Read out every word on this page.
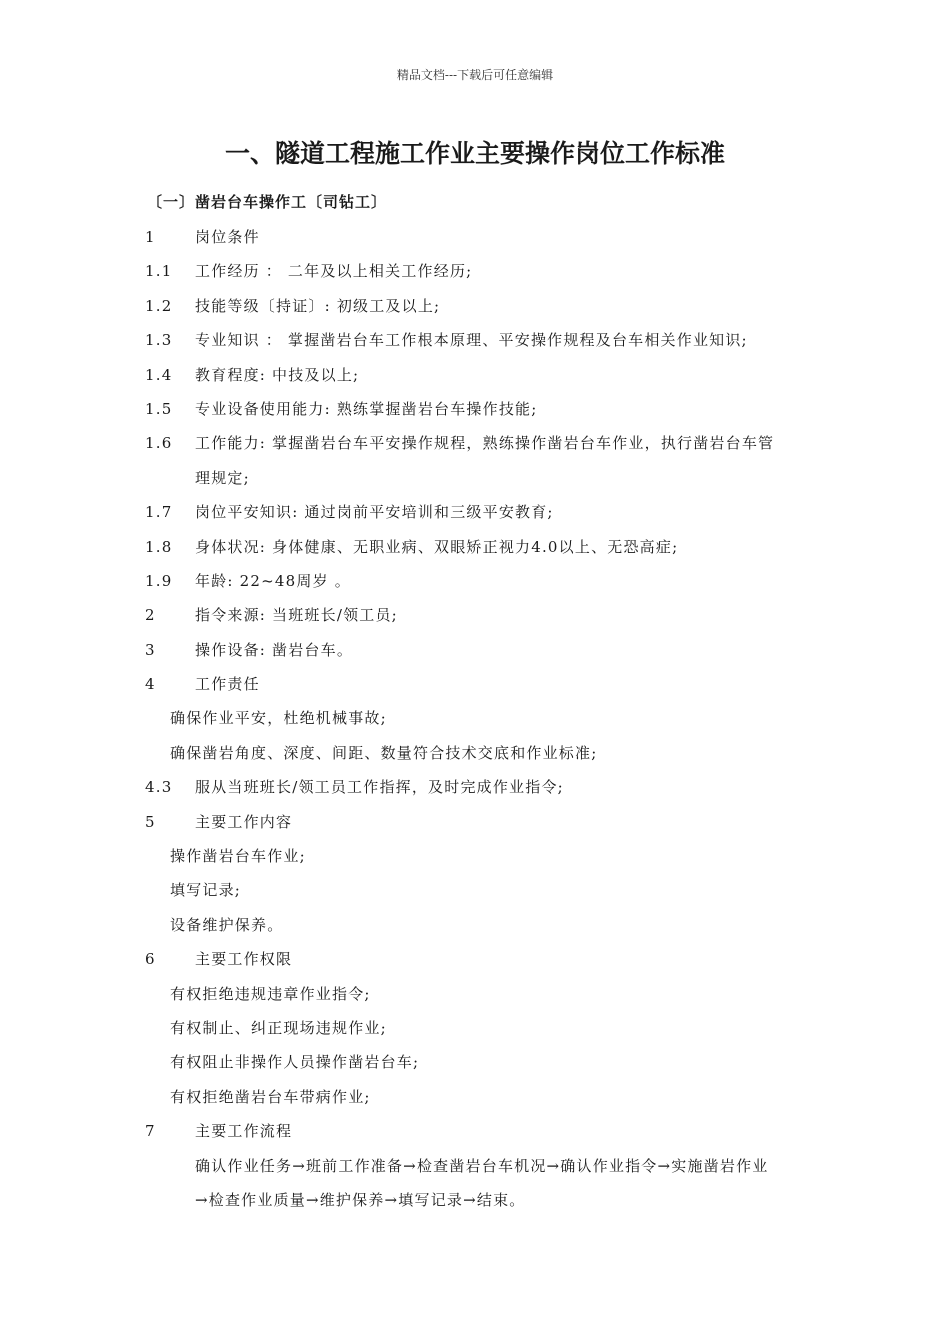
精品文档---下载后可任意编辑
一、隧道工程施工作业主要操作岗位工作标准
〔一〕凿岩台车操作工〔司钻工〕
1	岗位条件
1.1 工作经历 ： 二年及以上相关工作经历;
1.2 技能等级〔持证〕: 初级工及以上;
1.3 专业知识 ： 掌握凿岩台车工作根本原理、平安操作规程及台车相关作业知识;
1.4 教育程度: 中技及以上;
1.5 专业设备使用能力: 熟练掌握凿岩台车操作技能;
1.6 工作能力: 掌握凿岩台车平安操作规程，熟练操作凿岩台车作业，执行凿岩台车管
理规定;
1.7 岗位平安知识: 通过岗前平安培训和三级平安教育;
1.8 身体状况: 身体健康、无职业病、双眼矫正视力4.0以上、无恐高症;
1.9 年龄: 22~48周岁 。
2	指令来源: 当班班长/领工员;
3	操作设备: 凿岩台车。
4	工作责任
确保作业平安，杜绝机械事故;
确保凿岩角度、深度、间距、数量符合技术交底和作业标准;
4.3 服从当班班长/领工员工作指挥，及时完成作业指令;
5	主要工作内容
操作凿岩台车作业;
填写记录;
设备维护保养。
6	主要工作权限
有权拒绝违规违章作业指令;
有权制止、纠正现场违规作业;
有权阻止非操作人员操作凿岩台车;
有权拒绝凿岩台车带病作业;
7	主要工作流程
确认作业任务→班前工作准备→检查凿岩台车机况→确认作业指令→实施凿岩作业
→检查作业质量→维护保养→填写记录→结束。
